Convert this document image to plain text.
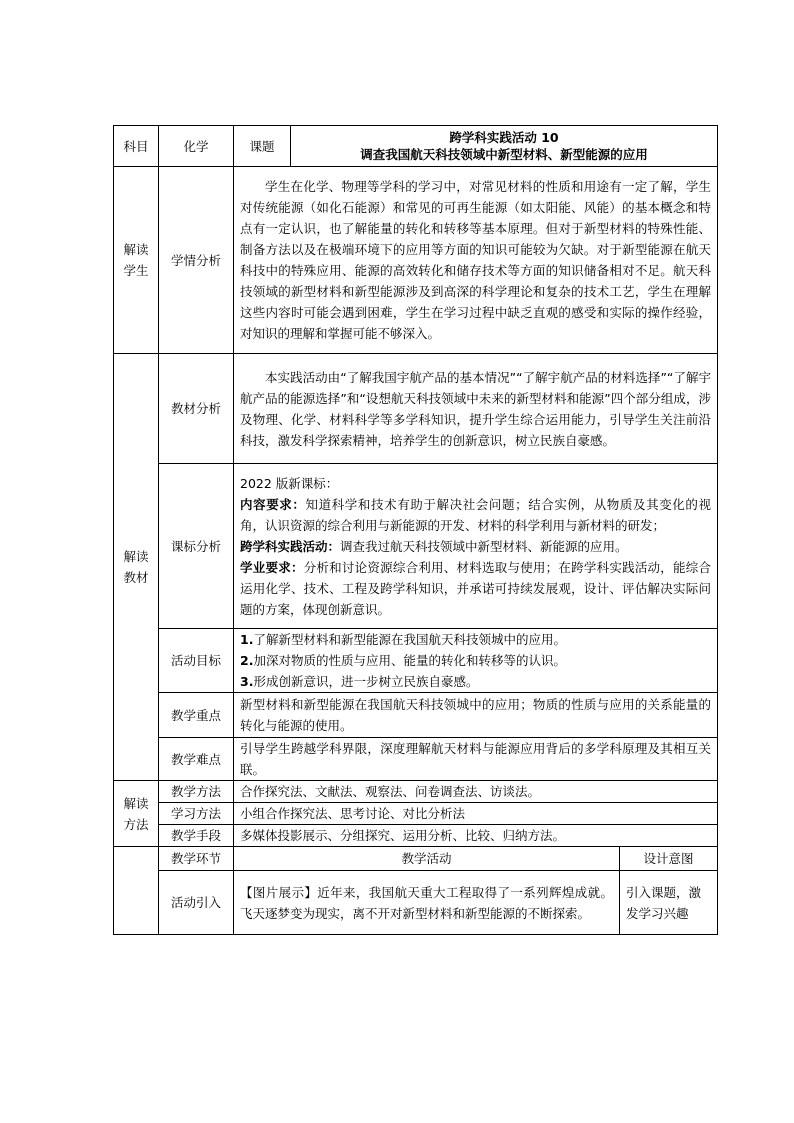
科目	化学	课题	跨学科实践活动 10

调查我国航天科技领域中新型材料、新型能源的应用	

解读学生	学情分析	学生在化学、物理等学科的学习中，对常见材料的性质和用途有一定了解，学生对传统能源（如化石能源）和常见的可再生能源（如太阳能、风能）的基本概念和特点有一定认识，也了解能量的转化和转移等基本原理。但对于新型材料的特殊性能、制备方法以及在极端环境下的应用等方面的知识可能较为欠缺。对于新型能源在航天科技中的特殊应用、能源的高效转化和储存技术等方面的知识储备相对不足。航天科技领域的新型材料和新型能源涉及到高深的科学理论和复杂的技术工艺，学生在理解这些内容时可能会遇到困难，学生在学习过程中缺乏直观的感受和实际的操作经验，对知识的理解和掌握可能不够深入。		
解读教材	教材分析	本实践活动由“了解我国宇航产品的基本情况”“了解宇航产品的材料选择”“了解宇航产品的能源选择”和“设想航天科技领域中未来的新型材料和能源”四个部分组成，涉及物理、化学、材料科学等多学科知识，提升学生综合运用能力，引导学生关注前沿科技，激发科学探索精神，培养学生的创新意识，树立民族自豪感。		
	课标分析	2022 版新课标：

内容要求：知道科学和技术有助于解决社会问题；结合实例，从物质及其变化的视角，认识资源的综合利用与新能源的开发、材料的科学利用与新材料的研发；

跨学科实践活动：调查我过航天科技领域中新型材料、新能源的应用。

学业要求：分析和讨论资源综合利用、材料选取与使用；在跨学科实践活动，能综合运用化学、技术、工程及跨学科知识，并承诺可持续发展观，设计、评估解决实际问题的方案，体现创新意识。		

	活动目标	1.了解新型材料和新型能源在我国航天科技领城中的应用。

2.加深对物质的性质与应用、能量的转化和转移等的认识。

3.形成创新意识，进一步树立民族自豪感。		

	教学重点	新型材料和新型能源在我国航天科技领城中的应用；物质的性质与应用的关系能量的转化与能源的使用。		
	教学难点	引导学生跨越学科界限，深度理解航天材料与能源应用背后的多学科原理及其相互关联。		
解读方法	教学方法	合作探究法、文献法、观察法、问卷调查法、访谈法。		
	学习方法	小组合作探究法、思考讨论、对比分析法		
	教学手段	多媒体投影展示、分组探究、运用分析、比较、归纳方法。		
	教学环节	教学活动		设计意图
	活动引入	【图片展示】近年来，我国航天重大工程取得了一系列辉煌成就。飞天逐梦变为现实，离不开对新型材料和新型能源的不断探索。		引入课题，激发学习兴趣
